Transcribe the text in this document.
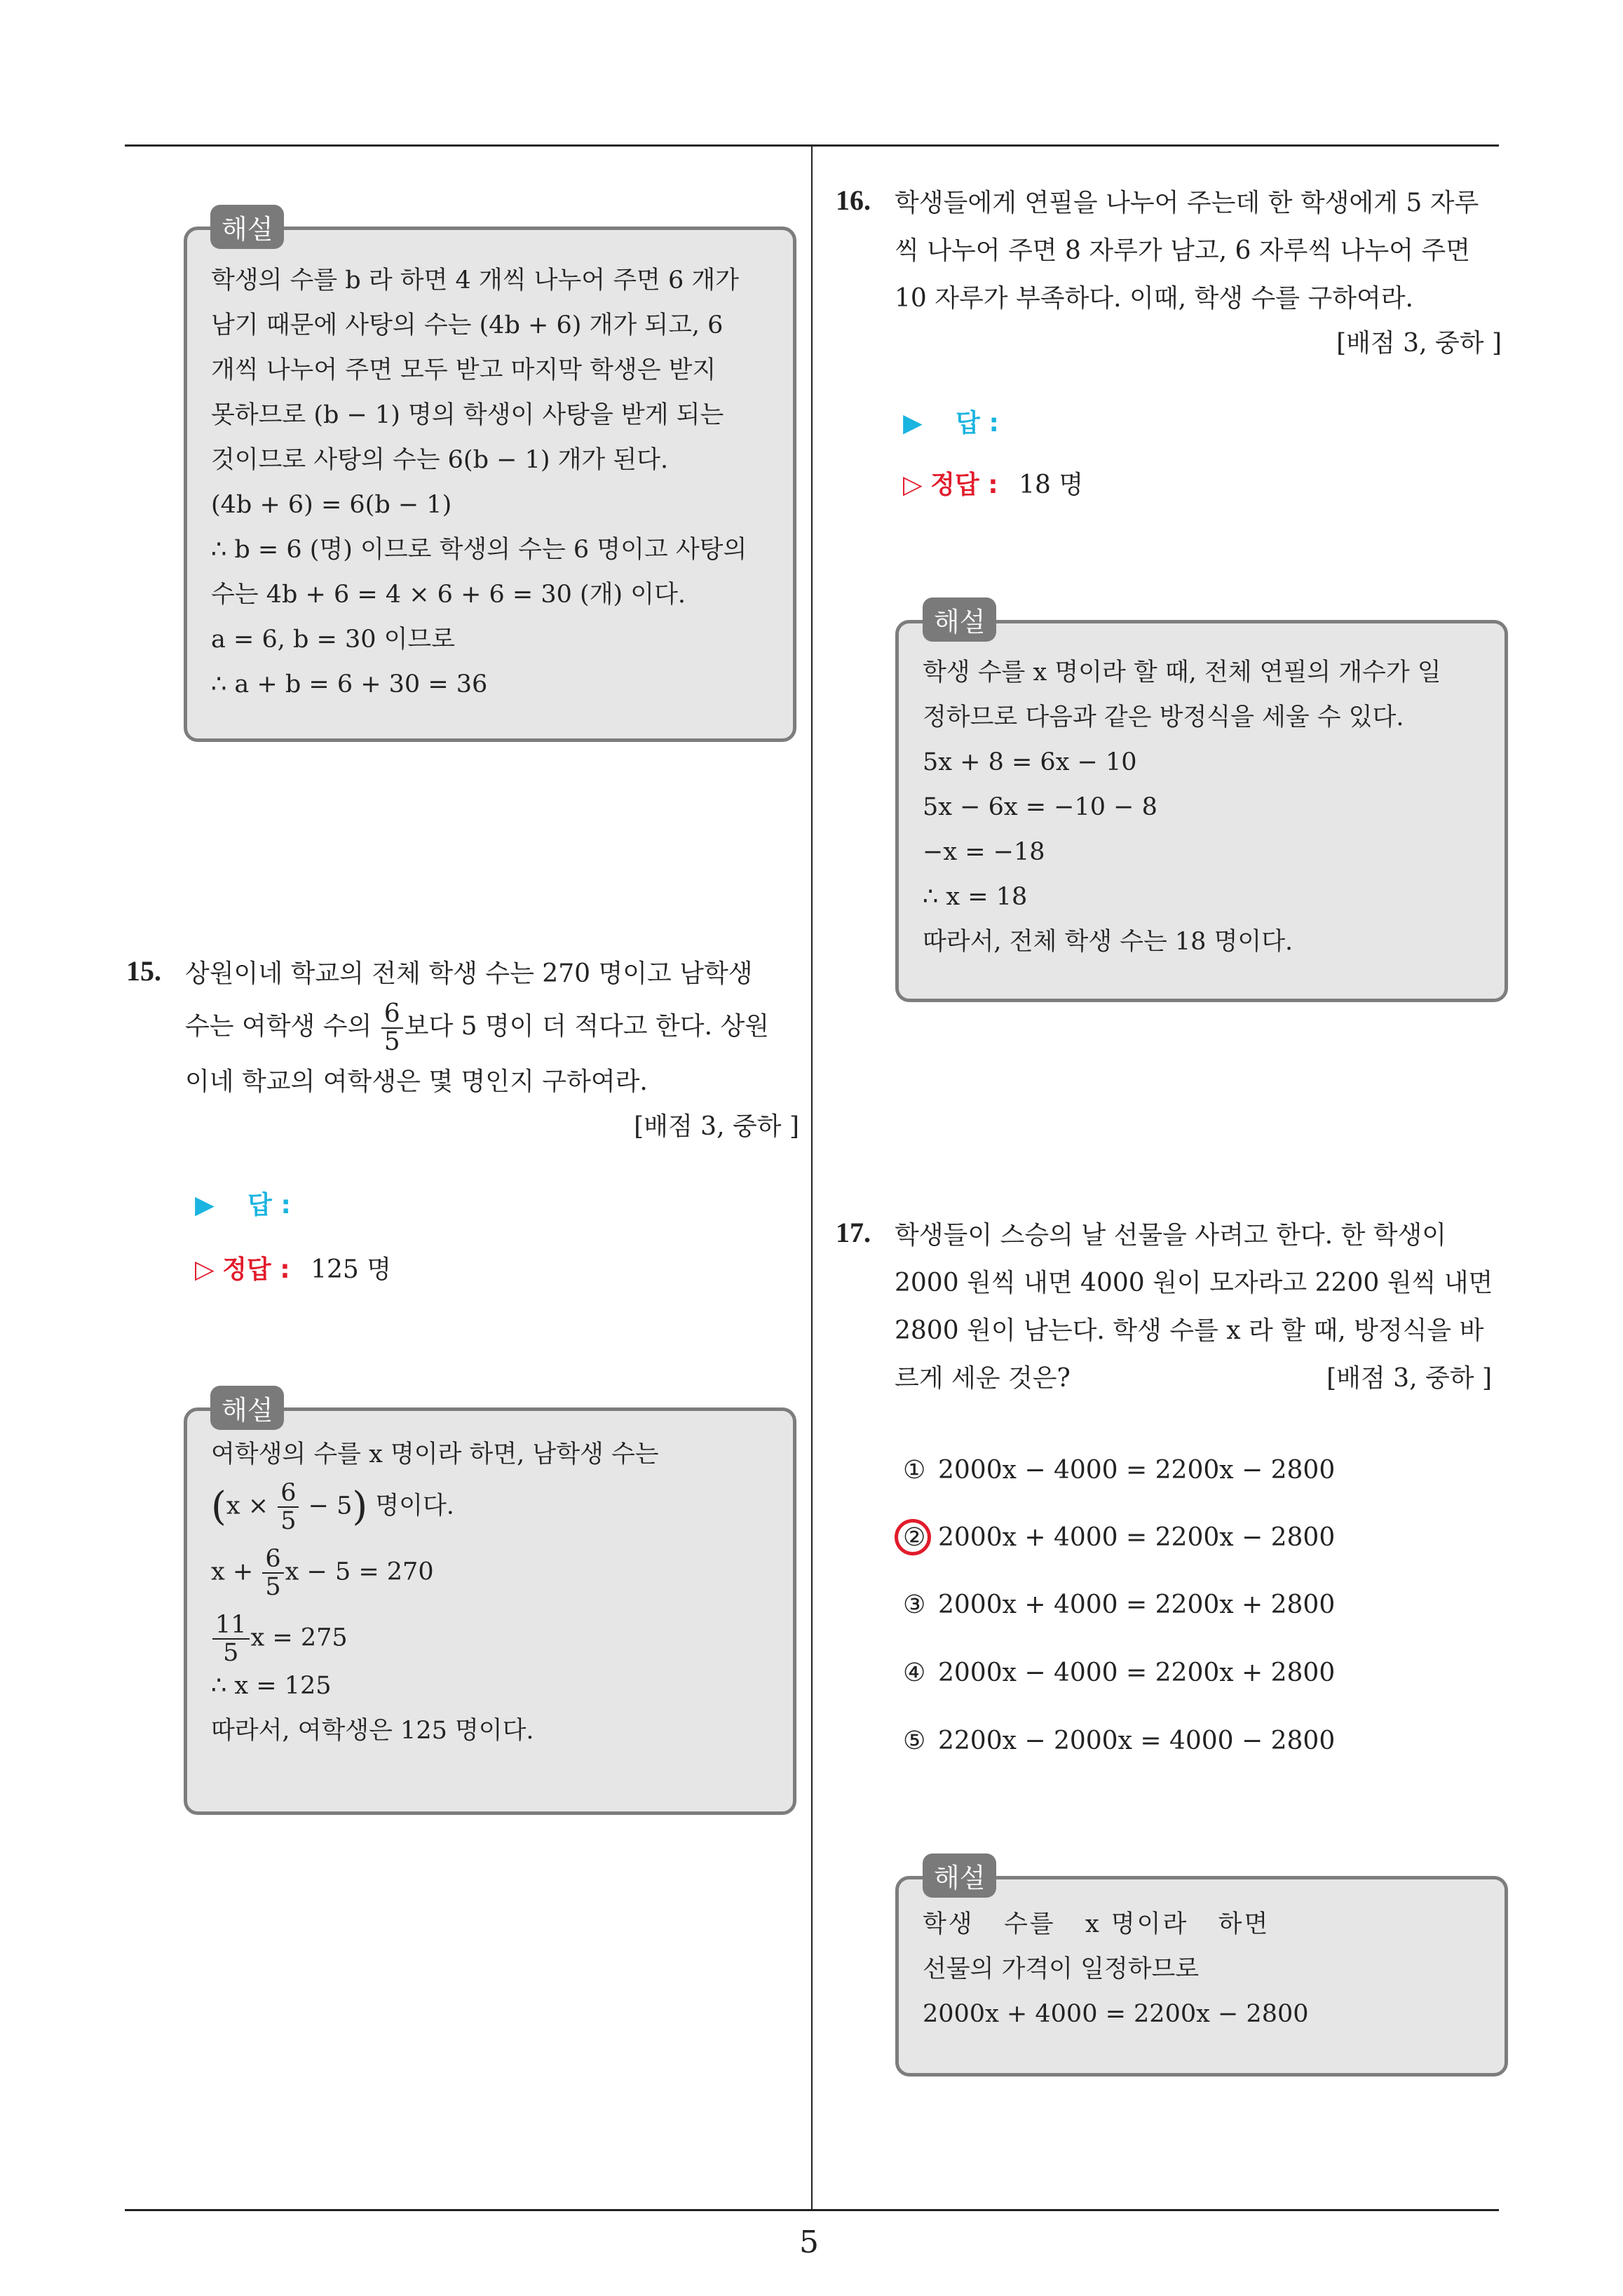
5
학생의 수를 b 라 하면 4 개씩 나누어 주면 6 개가
남기 때문에 사탕의 수는 (4b + 6) 개가 되고, 6
개씩 나누어 주면 모두 받고 마지막 학생은 받지
못하므로 (b − 1) 명의 학생이 사탕을 받게 되는
것이므로 사탕의 수는 6(b − 1) 개가 된다.
(4b + 6) = 6(b − 1)
∴ b = 6 (명) 이므로 학생의 수는 6 명이고 사탕의
수는 4b + 6 = 4 × 6 + 6 = 30 (개) 이다.
a = 6, b = 30 이므로
∴ a + b = 6 + 30 = 36
해설
15. 상원이네 학교의 전체 학생 수는 270 명이고 남학생
수는 여학생 수의 $\frac{6}{5}$ 보다 5 명이 더 적다고 한다. 상원
이네 학교의 여학생은 몇 명인지 구하여라.
[배점 3, 중하 ]
▶ 답 :
▷ 정답 : 125 명
여학생의 수를 x 명이라 하면, 남학생 수는
$(x \times \frac{6}{5} - 5)$ 명이다.
$x + \frac{6}{5}$ x − 5 = 270
$\frac{11}{5}$ x = 275
∴ x = 125
따라서, 여학생은 125 명이다.
해설
16. 학생들에게 연필을 나누어 주는데 한 학생에게 5 자루
씩 나누어 주면 8 자루가 남고, 6 자루씩 나누어 주면
10 자루가 부족하다. 이때, 학생 수를 구하여라.
[배점 3, 중하 ]
▶ 답 :
▷ 정답 : 18 명
학생 수를 x 명이라 할 때, 전체 연필의 개수가 일
정하므로 다음과 같은 방정식을 세울 수 있다.
5x + 8 = 6x − 10
5x − 6x = −10 − 8
−x = −18
∴ x = 18
따라서, 전체 학생 수는 18 명이다.
해설
17. 학생들이 스승의 날 선물을 사려고 한다. 한 학생이
2000 원씩 내면 4000 원이 모자라고 2200 원씩 내면
2800 원이 남는다. 학생 수를 x 라 할 때, 방정식을 바
르게 세운 것은?	[배점 3, 중하 ]
① 2000x − 4000 = 2200x − 2800
② 2000x + 4000 = 2200x − 2800
③ 2000x + 4000 = 2200x + 2800
④ 2000x − 4000 = 2200x + 2800
⑤ 2200x − 2000x = 4000 − 2800
학생   수를   x 명이라   하면
선물의 가격이 일정하므로
2000x + 4000 = 2200x − 2800
해설
